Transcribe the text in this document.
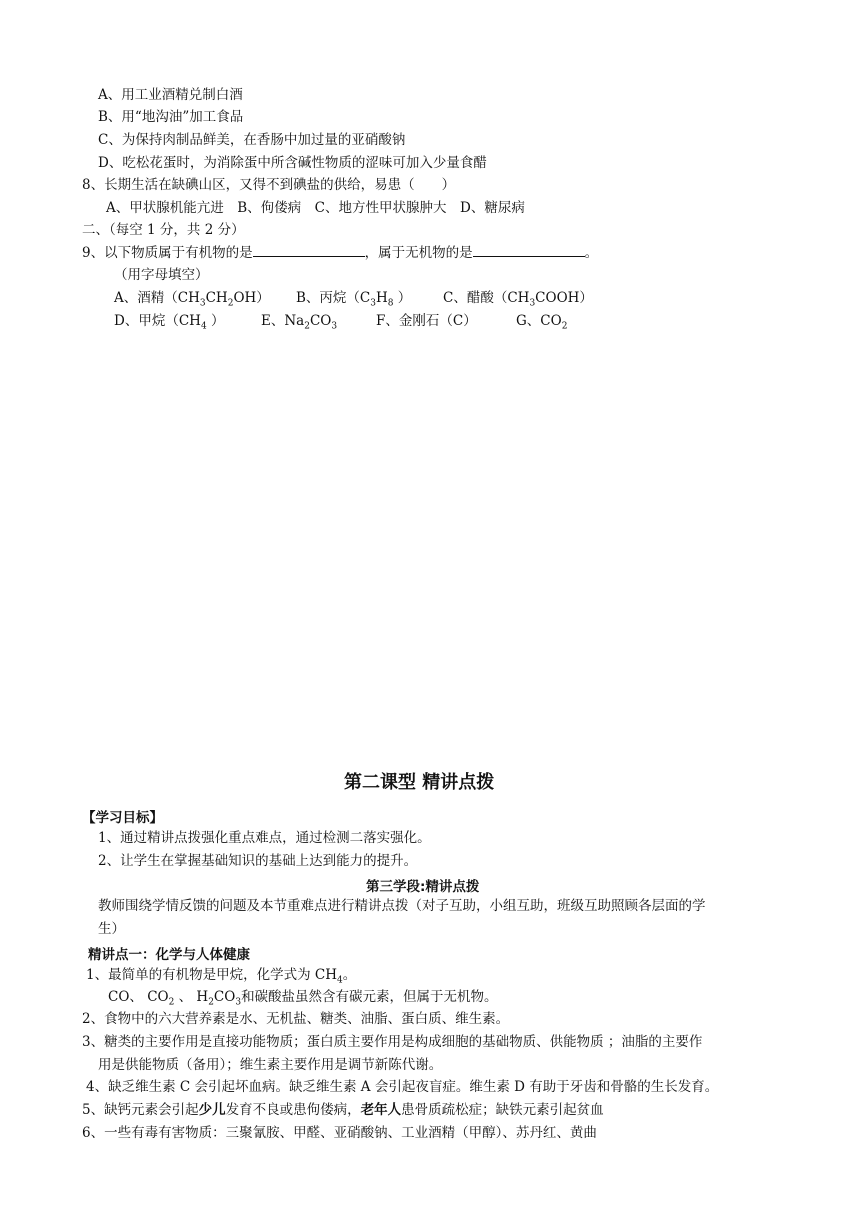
A、用工业酒精兑制白酒
B、用“地沟油”加工食品
C、为保持肉制品鲜美，在香肠中加过量的亚硝酸钠
D、吃松花蛋时，为消除蛋中所含碱性物质的涩味可加入少量食醋
8、长期生活在缺碘山区，又得不到碘盐的供给，易患（　　）
A、甲状腺机能亢进　B、佝偻病　C、地方性甲状腺肿大　D、糖尿病
二、（每空 1 分，共 2 分）
9、以下物质属于有机物的是	，属于无机物的是	。
（用字母填空）
A、酒精$(CH_3CH_2OH)$ B、丙烷（$C_3H_8$ ） C、醋酸$(CH_3COOH)$
D、甲烷（$CH_4$ ）	E、$Na_2CO_3$	F、金刚石（C）	G、$CO_2$
第二课型 精讲点拨
【学习目标】
1、通过精讲点拨强化重点难点，通过检测二落实强化。
2、让学生在掌握基础知识的基础上达到能力的提升。
第三学段:精讲点拨
教师围绕学情反馈的问题及本节重难点进行精讲点拨（对子互助，小组互助，班级互助照顾各层面的学
生）
精讲点一：化学与人体健康
1、最简单的有机物是甲烷，化学式为 $CH_4$。
CO、 $CO_2$ 、 $H_2CO_3$和碳酸盐虽然含有碳元素，但属于无机物。
2、食物中的六大营养素是水、无机盐、糖类、油脂、蛋白质、维生素。
3、糖类的主要作用是直接功能物质；蛋白质主要作用是构成细胞的基础物质、供能物质 ；油脂的主要作
用是供能物质（备用）；维生素主要作用是调节新陈代谢。
4、缺乏维生素 C 会引起坏血病。缺乏维生素 A 会引起夜盲症。维生素 D 有助于牙齿和骨骼的生长发育。
5、缺钙元素会引起少儿发育不良或患佝偻病，老年人患骨质疏松症；缺铁元素引起贫血
6、一些有毒有害物质：三聚氰胺、甲醛、亚硝酸钠、工业酒精（甲醇）、苏丹红、黄曲
